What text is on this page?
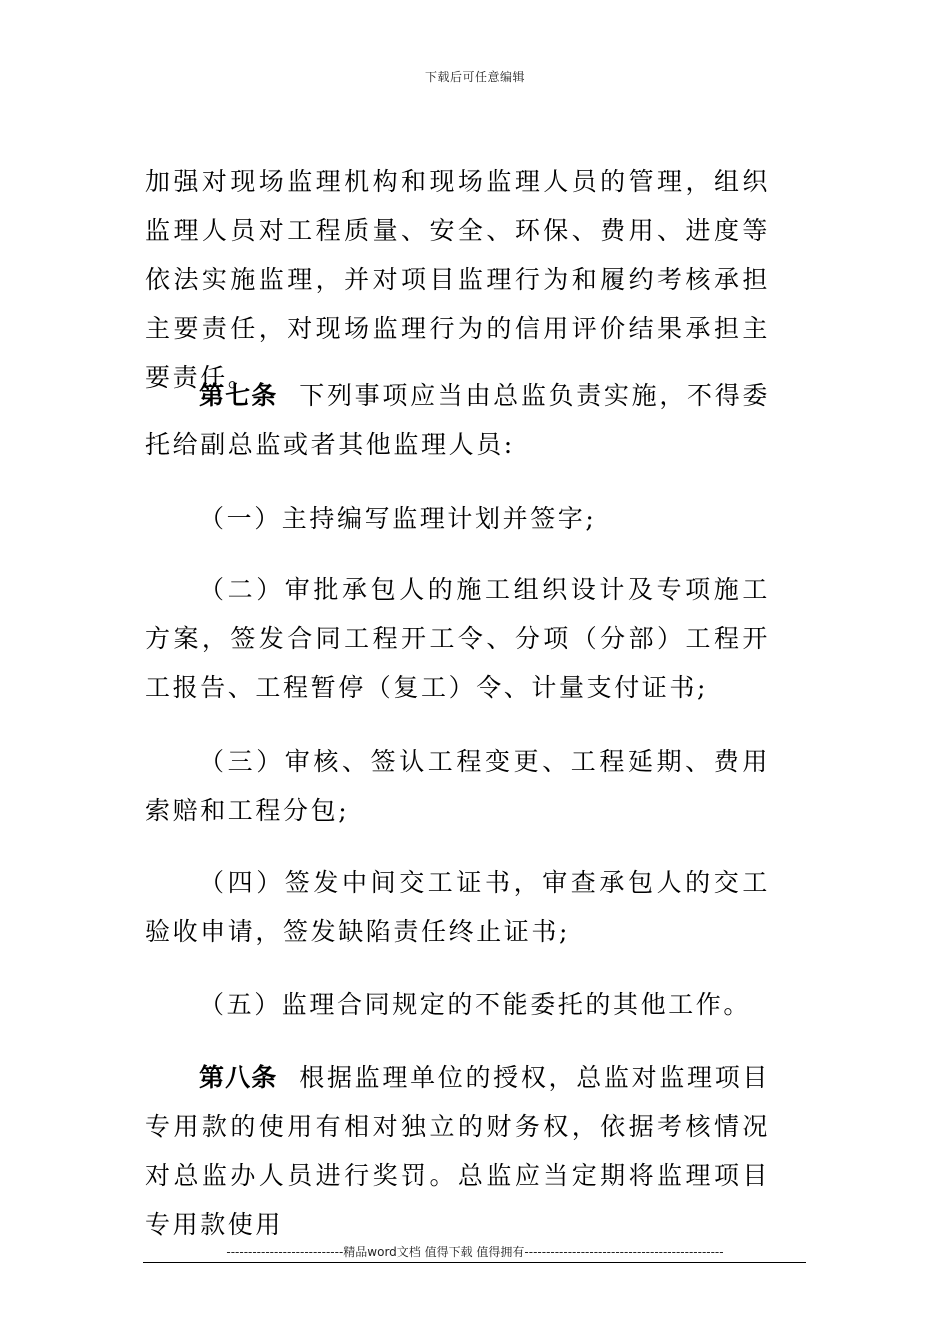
下载后可任意编辑

加强对现场监理机构和现场监理人员的管理，组织监理人员对工程质量、安全、环保、费用、进度等依法实施监理，并对项目监理行为和履约考核承担主要责任，对现场监理行为的信用评价结果承担主要责任。

第七条 下列事项应当由总监负责实施，不得委托给副总监或者其他监理人员:

（一）主持编写监理计划并签字;

（二）审批承包人的施工组织设计及专项施工方案，签发合同工程开工令、分项（分部）工程开工报告、工程暂停（复工）令、计量支付证书;

（三）审核、签认工程变更、工程延期、费用索赔和工程分包;

（四）签发中间交工证书，审查承包人的交工验收申请，签发缺陷责任终止证书;

（五）监理合同规定的不能委托的其他工作。

第八条 根据监理单位的授权，总监对监理项目专用款的使用有相对独立的财务权，依据考核情况对总监办人员进行奖罚。总监应当定期将监理项目专用款使用

---------------------------精品word文档 值得下载 值得拥有----------------------------------------------
